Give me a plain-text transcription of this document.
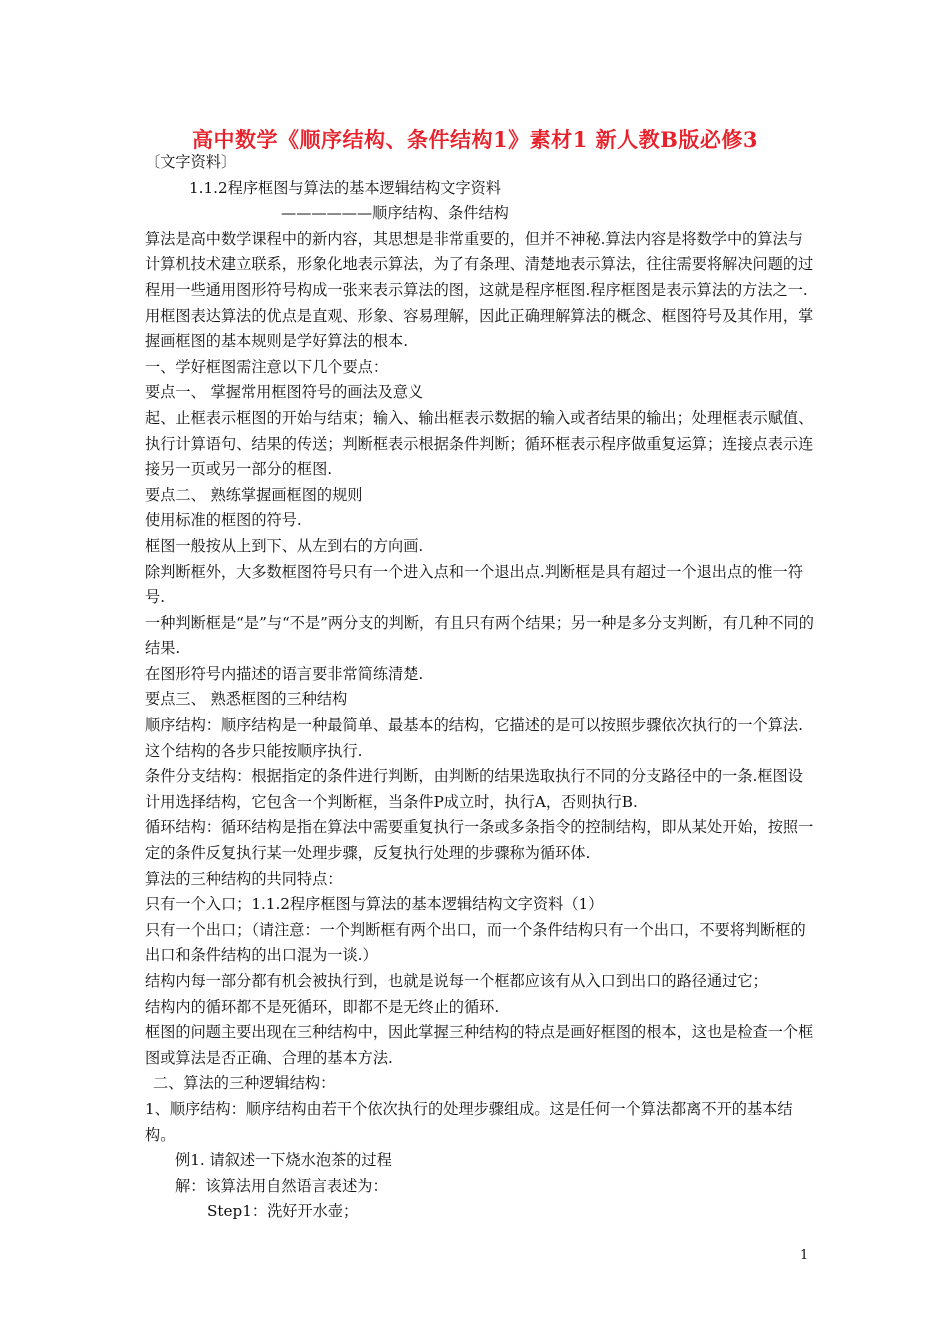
高中数学《顺序结构、条件结构1》素材1 新人教B版必修3

〔文字资料〕

1.1.2程序框图与算法的基本逻辑结构文字资料

——————顺序结构、条件结构

算法是高中数学课程中的新内容，其思想是非常重要的，但并不神秘.算法内容是将数学中的算法与计算机技术建立联系，形象化地表示算法，为了有条理、清楚地表示算法，往往需要将解决问题的过程用一些通用图形符号构成一张来表示算法的图，这就是程序框图.程序框图是表示算法的方法之一. 用框图表达算法的优点是直观、形象、容易理解，因此正确理解算法的概念、框图符号及其作用，掌握画框图的基本规则是学好算法的根本.

一、学好框图需注意以下几个要点：

要点一、 掌握常用框图符号的画法及意义

起、止框表示框图的开始与结束；输入、输出框表示数据的输入或者结果的输出；处理框表示赋值、执行计算语句、结果的传送；判断框表示根据条件判断；循环框表示程序做重复运算；连接点表示连接另一页或另一部分的框图.

要点二、 熟练掌握画框图的规则

使用标准的框图的符号.

框图一般按从上到下、从左到右的方向画.

除判断框外，大多数框图符号只有一个进入点和一个退出点.判断框是具有超过一个退出点的惟一符号.

一种判断框是“是”与“不是”两分支的判断，有且只有两个结果；另一种是多分支判断，有几种不同的结果.

在图形符号内描述的语言要非常简练清楚.

要点三、 熟悉框图的三种结构

顺序结构：顺序结构是一种最简单、最基本的结构，它描述的是可以按照步骤依次执行的一个算法.这个结构的各步只能按顺序执行.

条件分支结构：根据指定的条件进行判断，由判断的结果选取执行不同的分支路径中的一条.框图设计用选择结构，它包含一个判断框，当条件P成立时，执行A，否则执行B.

循环结构：循环结构是指在算法中需要重复执行一条或多条指令的控制结构，即从某处开始，按照一定的条件反复执行某一处理步骤，反复执行处理的步骤称为循环体.

算法的三种结构的共同特点：

只有一个入口；1.1.2程序框图与算法的基本逻辑结构文字资料（1）

只有一个出口；（请注意：一个判断框有两个出口，而一个条件结构只有一个出口，不要将判断框的出口和条件结构的出口混为一谈.）

结构内每一部分都有机会被执行到，也就是说每一个框都应该有从入口到出口的路径通过它；

结构内的循环都不是死循环，即都不是无终止的循环.

框图的问题主要出现在三种结构中，因此掌握三种结构的特点是画好框图的根本，这也是检查一个框图或算法是否正确、合理的基本方法.

二、算法的三种逻辑结构：

1、顺序结构：顺序结构由若干个依次执行的处理步骤组成。这是任何一个算法都离不开的基本结构。

例1. 请叙述一下烧水泡茶的过程

解：该算法用自然语言表述为：

Step1：洗好开水壶；

1
